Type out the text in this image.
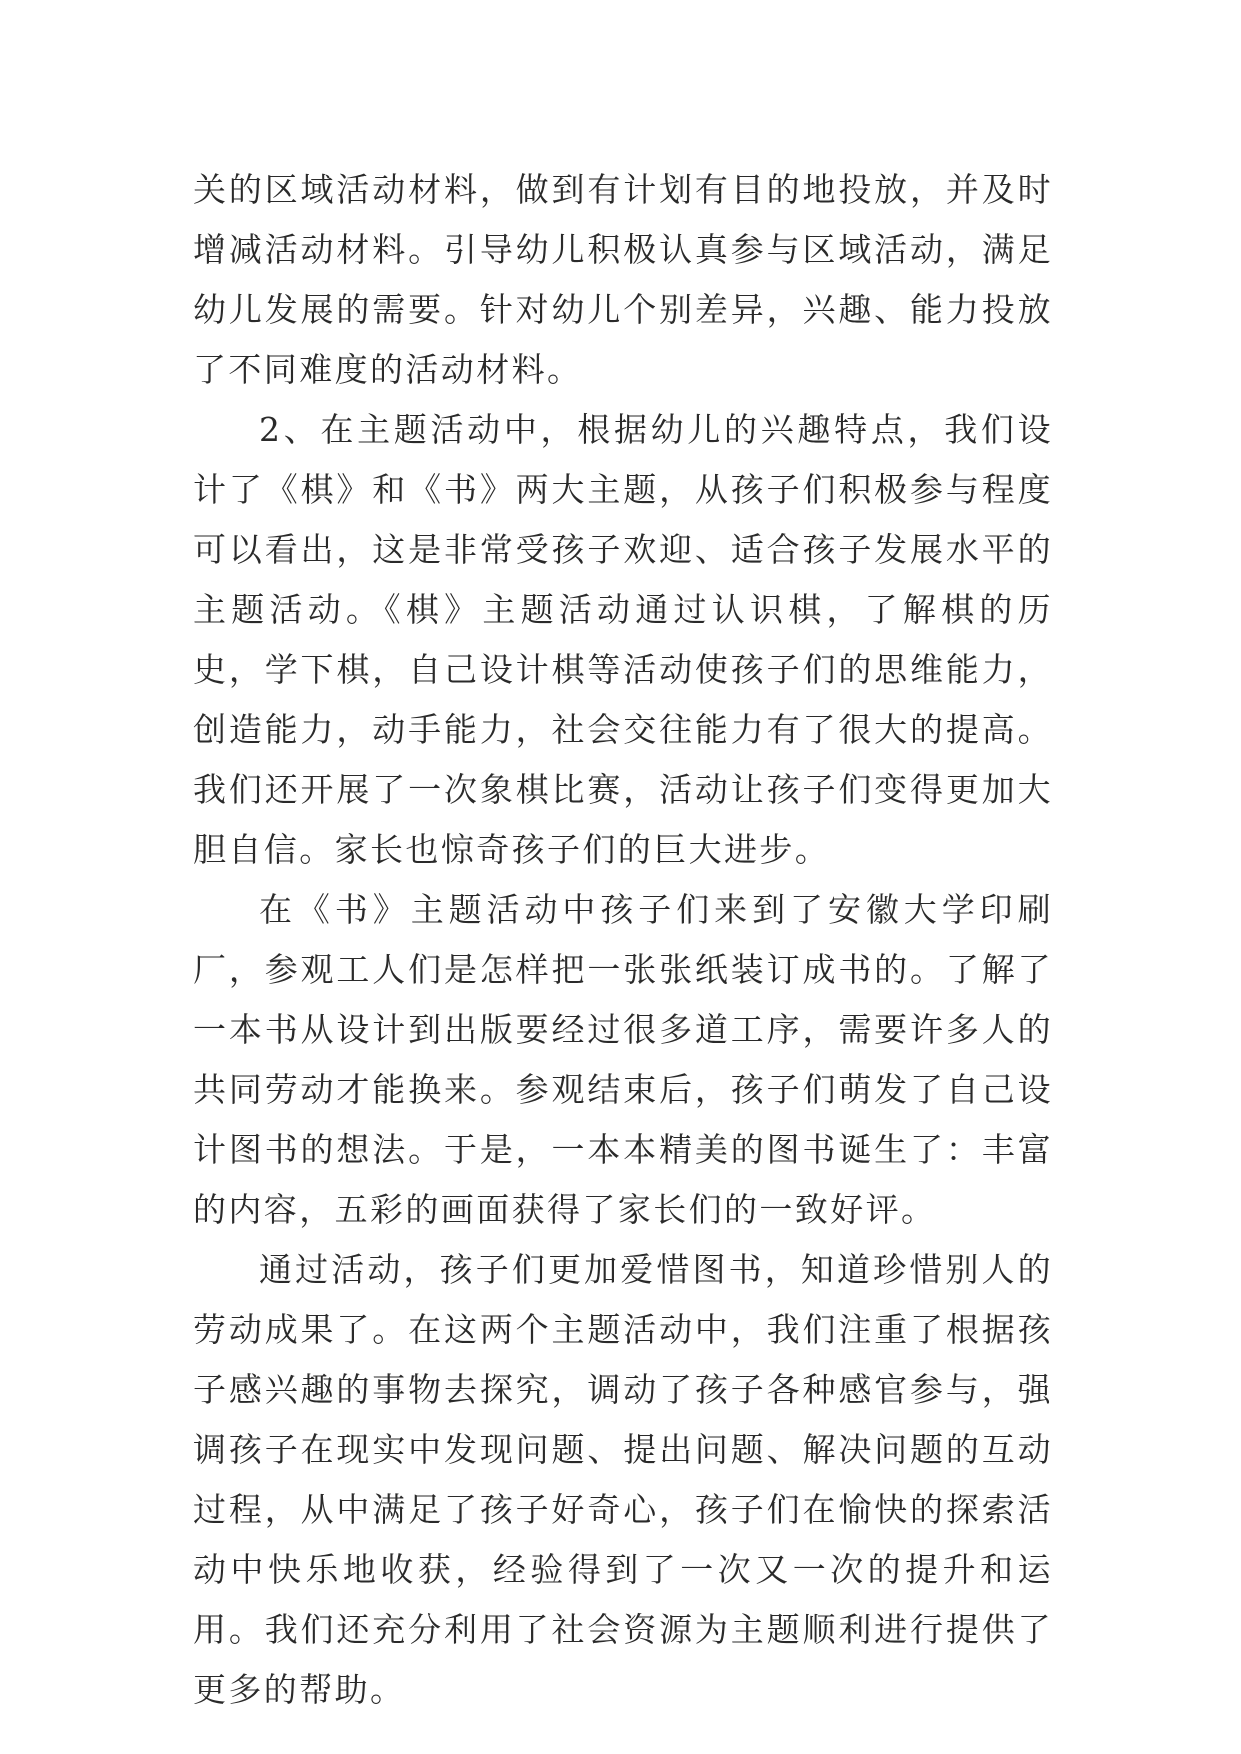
关的区域活动材料，做到有计划有目的地投放，并及时增减活动材料。引导幼儿积极认真参与区域活动，满足幼儿发展的需要。针对幼儿个别差异，兴趣、能力投放了不同难度的活动材料。

2、在主题活动中，根据幼儿的兴趣特点，我们设计了《棋》和《书》两大主题，从孩子们积极参与程度可以看出，这是非常受孩子欢迎、适合孩子发展水平的主题活动。《棋》主题活动通过认识棋，了解棋的历史，学下棋，自己设计棋等活动使孩子们的思维能力，创造能力，动手能力，社会交往能力有了很大的提高。我们还开展了一次象棋比赛，活动让孩子们变得更加大胆自信。家长也惊奇孩子们的巨大进步。

在《书》主题活动中孩子们来到了安徽大学印刷厂，参观工人们是怎样把一张张纸装订成书的。了解了一本书从设计到出版要经过很多道工序，需要许多人的共同劳动才能换来。参观结束后，孩子们萌发了自己设计图书的想法。于是，一本本精美的图书诞生了：丰富的内容，五彩的画面获得了家长们的一致好评。

通过活动，孩子们更加爱惜图书，知道珍惜别人的劳动成果了。在这两个主题活动中，我们注重了根据孩子感兴趣的事物去探究，调动了孩子各种感官参与，强调孩子在现实中发现问题、提出问题、解决问题的互动过程，从中满足了孩子好奇心，孩子们在愉快的探索活动中快乐地收获，经验得到了一次又一次的提升和运用。我们还充分利用了社会资源为主题顺利进行提供了更多的帮助。
